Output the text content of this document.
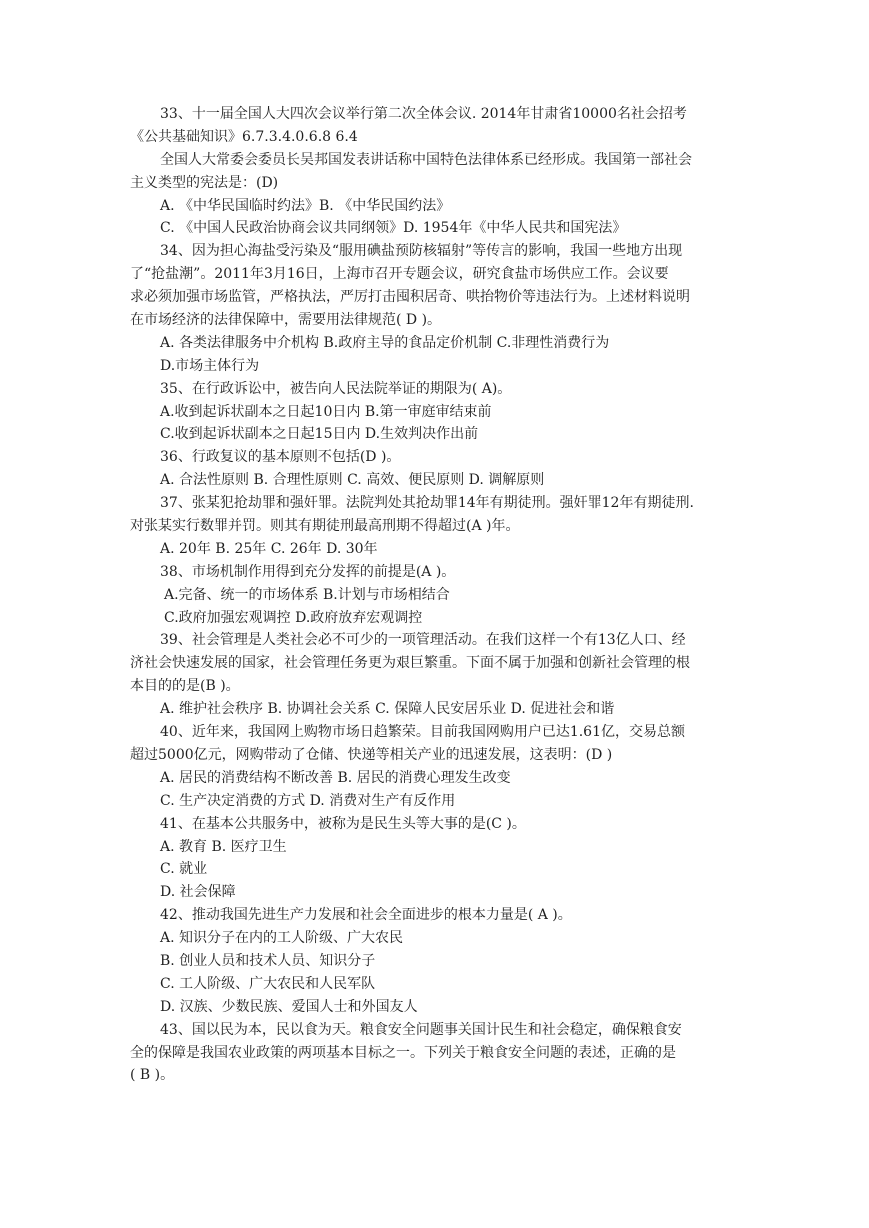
33、十一届全国人大四次会议举行第二次全体会议. 2014年甘肃省10000名社会招考
《公共基础知识》6.7.3.4.0.6.8 6.4
全国人大常委会委员长吴邦国发表讲话称中国特色法律体系已经形成。我国第一部社会
主义类型的宪法是：(D)
A. 《中华民国临时约法》B. 《中华民国约法》
C. 《中国人民政治协商会议共同纲领》D. 1954年《中华人民共和国宪法》
34、因为担心海盐受污染及“服用碘盐预防核辐射”等传言的影响，我国一些地方出现
了“抢盐潮”。2011年3月16日，上海市召开专题会议，研究食盐市场供应工作。会议要
求必须加强市场监管，严格执法，严厉打击囤积居奇、哄抬物价等违法行为。上述材料说明
在市场经济的法律保障中，需要用法律规范( D )。
A. 各类法律服务中介机构 B.政府主导的食品定价机制 C.非理性消费行为
D.市场主体行为
35、在行政诉讼中，被告向人民法院举证的期限为( A)。
A.收到起诉状副本之日起10日内 B.第一审庭审结束前
C.收到起诉状副本之日起15日内 D.生效判决作出前
36、行政复议的基本原则不包括(D )。
A. 合法性原则 B. 合理性原则 C. 高效、便民原则 D. 调解原则
37、张某犯抢劫罪和强奸罪。法院判处其抢劫罪14年有期徒刑。强奸罪12年有期徒刑.
对张某实行数罪并罚。则其有期徒刑最高刑期不得超过(A )年。
A. 20年 B. 25年 C. 26年 D. 30年
38、市场机制作用得到充分发挥的前提是(A )。
A.完备、统一的市场体系 B.计划与市场相结合
C.政府加强宏观调控 D.政府放弃宏观调控
39、社会管理是人类社会必不可少的一项管理活动。在我们这样一个有13亿人口、经
济社会快速发展的国家，社会管理任务更为艰巨繁重。下面不属于加强和创新社会管理的根
本目的的是(B )。
A. 维护社会秩序 B. 协调社会关系 C. 保障人民安居乐业 D. 促进社会和谐
40、近年来，我国网上购物市场日趋繁荣。目前我国网购用户已达1.61亿，交易总额
超过5000亿元，网购带动了仓储、快递等相关产业的迅速发展，这表明：(D )
A. 居民的消费结构不断改善 B. 居民的消费心理发生改变
C. 生产决定消费的方式 D. 消费对生产有反作用
41、在基本公共服务中，被称为是民生头等大事的是(C )。
A. 教育 B. 医疗卫生
C. 就业
D. 社会保障
42、推动我国先进生产力发展和社会全面进步的根本力量是( A )。
A. 知识分子在内的工人阶级、广大农民
B. 创业人员和技术人员、知识分子
C. 工人阶级、广大农民和人民军队
D. 汉族、少数民族、爱国人士和外国友人
43、国以民为本，民以食为天。粮食安全问题事关国计民生和社会稳定，确保粮食安
全的保障是我国农业政策的两项基本目标之一。下列关于粮食安全问题的表述，正确的是
( B )。
